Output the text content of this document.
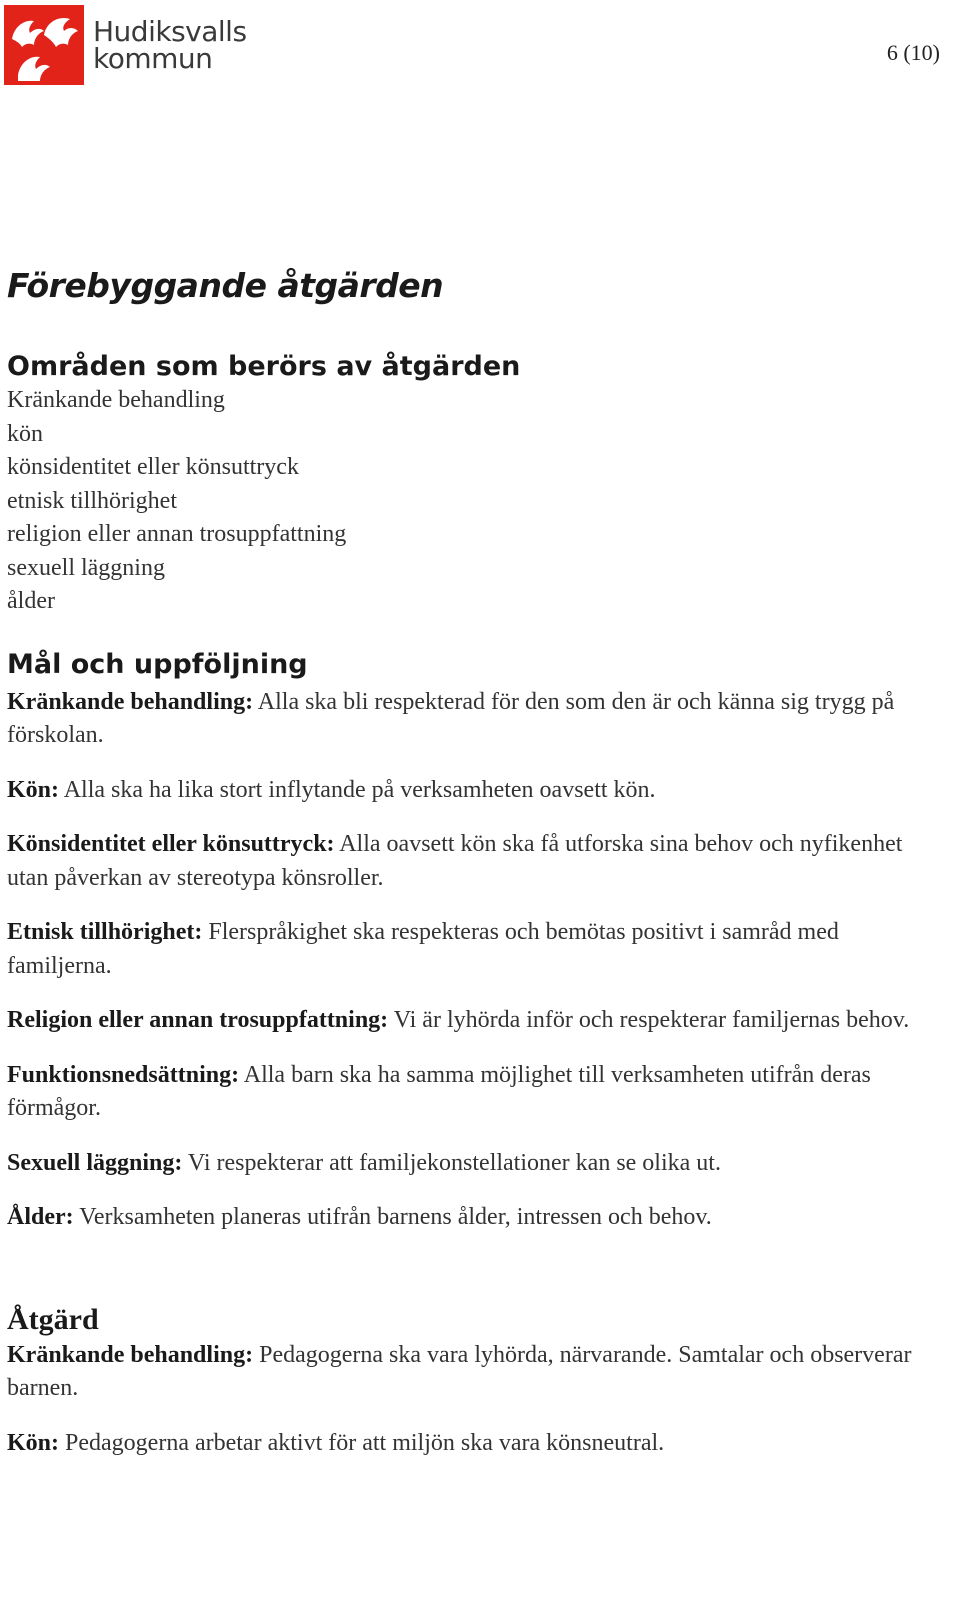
Hudiksvalls
kommun	6 (10)
Förebyggande åtgärden
Områden som berörs av åtgärden
Kränkande behandling
kön
könsidentitet eller könsuttryck
etnisk tillhörighet
religion eller annan trosuppfattning
sexuell läggning
ålder
Mål och uppföljning

Kränkande behandling: Alla ska bli respekterad för den som den är och känna sig trygg på förskolan.

Kön: Alla ska ha lika stort inflytande på verksamheten oavsett kön.

Könsidentitet eller könsuttryck: Alla oavsett kön ska få utforska sina behov och nyfikenhet utan påverkan av stereotypa könsroller.

Etnisk tillhörighet: Flerspråkighet ska respekteras och bemötas positivt i samråd med familjerna.

Religion eller annan trosuppfattning: Vi är lyhörda inför och respekterar familjernas behov.

Funktionsnedsättning: Alla barn ska ha samma möjlighet till verksamheten utifrån deras förmågor.

Sexuell läggning: Vi respekterar att familjekonstellationer kan se olika ut.

Ålder: Verksamheten planeras utifrån barnens ålder, intressen och behov.

Åtgärd

Kränkande behandling: Pedagogerna ska vara lyhörda, närvarande. Samtalar och observerar barnen.

Kön: Pedagogerna arbetar aktivt för att miljön ska vara könsneutral.
